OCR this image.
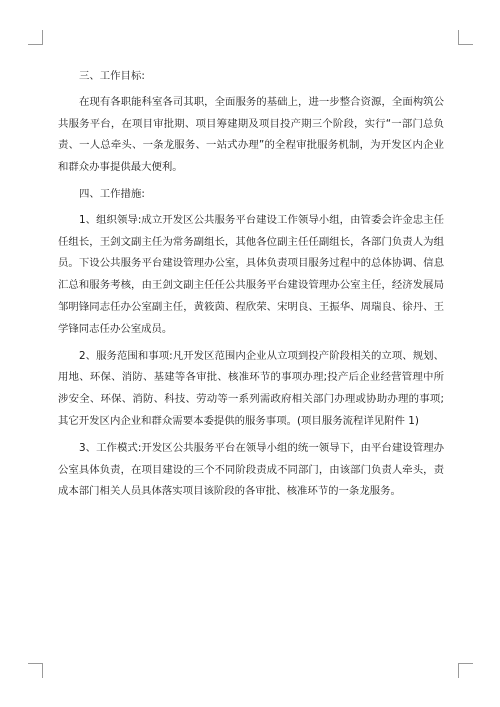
三、工作目标:

在现有各职能科室各司其职，全面服务的基础上，进一步整合资源，全面构筑公共服务平台，在项目审批期、项目筹建期及项目投产期三个阶段，实行“一部门总负责、一人总牵头、一条龙服务、一站式办理”的全程审批服务机制，为开发区内企业和群众办事提供最大便利。

四、工作措施:

1、组织领导:成立开发区公共服务平台建设工作领导小组，由管委会许金忠主任任组长，王剑文副主任为常务副组长，其他各位副主任任副组长，各部门负责人为组员。下设公共服务平台建设管理办公室，具体负责项目服务过程中的总体协调、信息汇总和服务考核，由王剑文副主任任公共服务平台建设管理办公室主任，经济发展局邹明锋同志任办公室副主任，黄筱茵、程欣荣、宋明良、王振华、周瑞良、徐丹、王学锋同志任办公室成员。

2、服务范围和事项:凡开发区范围内企业从立项到投产阶段相关的立项、规划、用地、环保、消防、基建等各审批、核准环节的事项办理;投产后企业经营管理中所涉安全、环保、消防、科技、劳动等一系列需政府相关部门办理或协助办理的事项;其它开发区内企业和群众需要本委提供的服务事项。(项目服务流程详见附件 1)

3、工作模式:开发区公共服务平台在领导小组的统一领导下，由平台建设管理办公室具体负责，在项目建设的三个不同阶段责成不同部门，由该部门负责人牵头，责成本部门相关人员具体落实项目该阶段的各审批、核准环节的一条龙服务。
